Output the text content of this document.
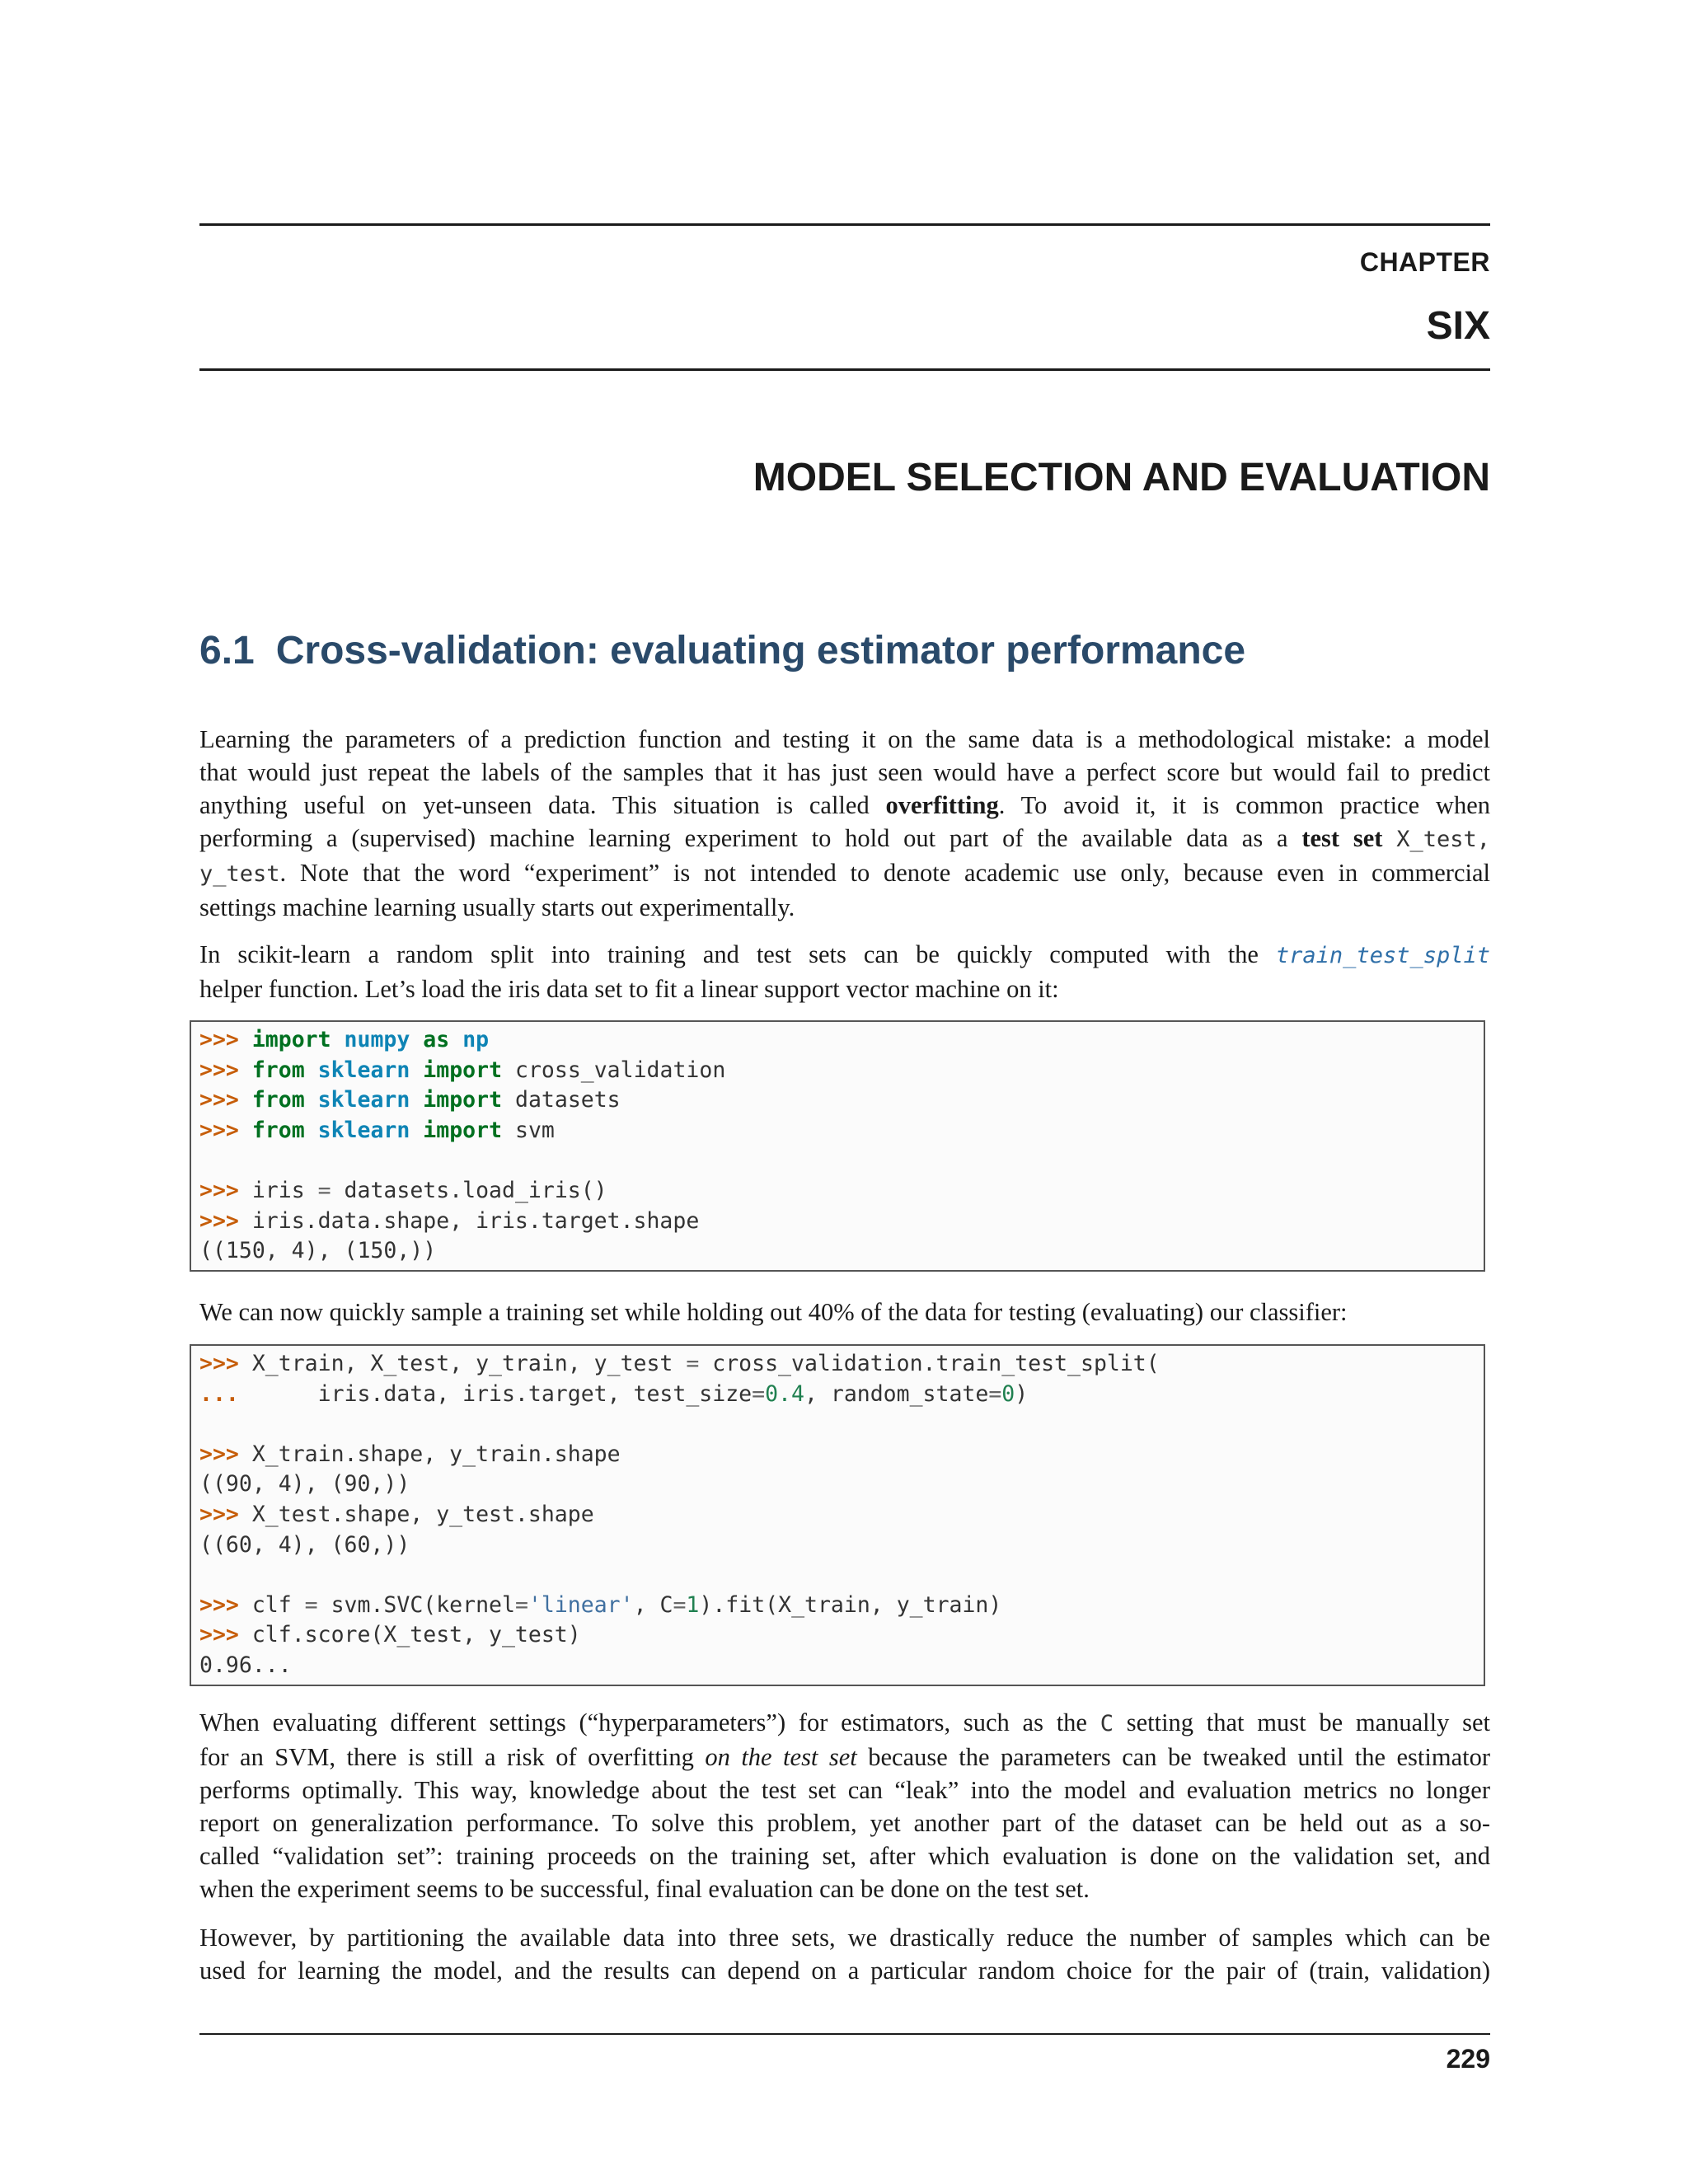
CHAPTER
SIX
MODEL SELECTION AND EVALUATION
6.1 Cross-validation: evaluating estimator performance

Learning the parameters of a prediction function and testing it on the same data is a methodological mistake: a model
that would just repeat the labels of the samples that it has just seen would have a perfect score but would fail to predict
anything useful on yet-unseen data. This situation is called overfitting. To avoid it, it is common practice when
performing a (supervised) machine learning experiment to hold out part of the available data as a test set X_test,
y_test. Note that the word “experiment” is not intended to denote academic use only, because even in commercial
settings machine learning usually starts out experimentally.

In scikit-learn a random split into training and test sets can be quickly computed with the train_test_split
helper function. Let’s load the iris data set to fit a linear support vector machine on it:

>>> import numpy as np
>>> from sklearn import cross_validation
>>> from sklearn import datasets
>>> from sklearn import svm
>>> iris = datasets.load_iris()
>>> iris.data.shape, iris.target.shape
((150, 4), (150,))

We can now quickly sample a training set while holding out 40% of the data for testing (evaluating) our classifier:

>>> X_train, X_test, y_train, y_test = cross_validation.train_test_split(
...      iris.data, iris.target, test_size=0.4, random_state=0)
>>> X_train.shape, y_train.shape
((90, 4), (90,))
>>> X_test.shape, y_test.shape
((60, 4), (60,))
>>> clf = svm.SVC(kernel='linear', C=1).fit(X_train, y_train)
>>> clf.score(X_test, y_test)
0.96...

When evaluating different settings (“hyperparameters”) for estimators, such as the C setting that must be manually set
for an SVM, there is still a risk of overfitting on the test set because the parameters can be tweaked until the estimator
performs optimally. This way, knowledge about the test set can “leak” into the model and evaluation metrics no longer
report on generalization performance. To solve this problem, yet another part of the dataset can be held out as a so-
called “validation set”: training proceeds on the training set, after which evaluation is done on the validation set, and
when the experiment seems to be successful, final evaluation can be done on the test set.

However, by partitioning the available data into three sets, we drastically reduce the number of samples which can be
used for learning the model, and the results can depend on a particular random choice for the pair of (train, validation)

229
